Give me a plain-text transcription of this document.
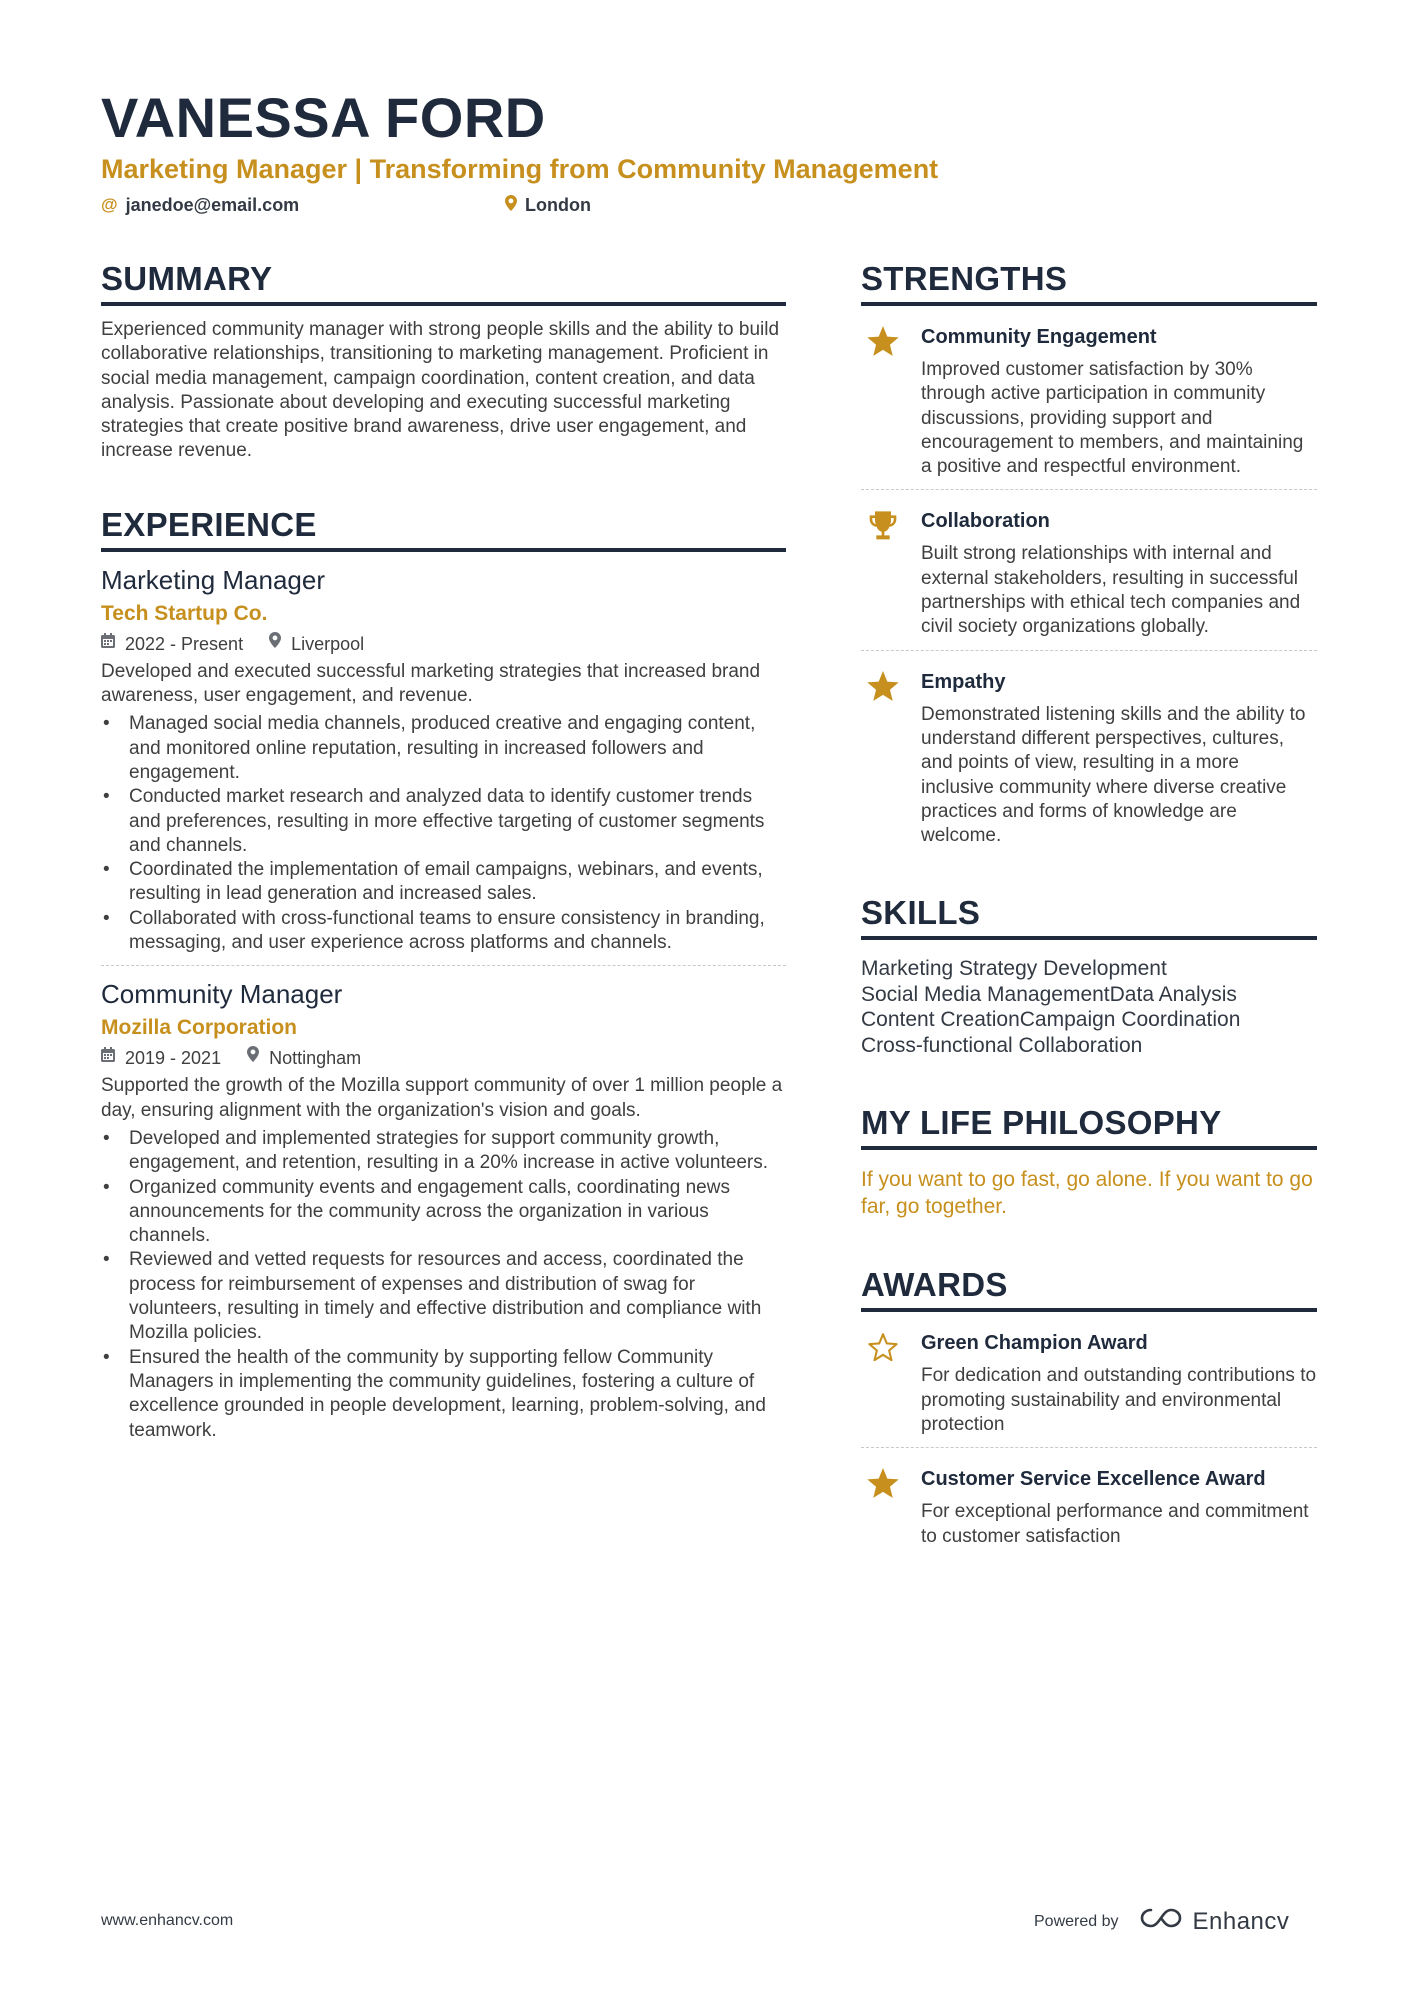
VANESSA FORD
Marketing Manager | Transforming from Community Management
@ janedoe@email.com	London
SUMMARY
Experienced community manager with strong people skills and the ability to build collaborative relationships, transitioning to marketing management. Proficient in social media management, campaign coordination, content creation, and data analysis. Passionate about developing and executing successful marketing strategies that create positive brand awareness, drive user engagement, and increase revenue.
EXPERIENCE
Marketing Manager
Tech Startup Co.
2022 - Present	Liverpool
Developed and executed successful marketing strategies that increased brand awareness, user engagement, and revenue.
• Managed social media channels, produced creative and engaging content, and monitored online reputation, resulting in increased followers and engagement.
• Conducted market research and analyzed data to identify customer trends and preferences, resulting in more effective targeting of customer segments and channels.
• Coordinated the implementation of email campaigns, webinars, and events, resulting in lead generation and increased sales.
• Collaborated with cross-functional teams to ensure consistency in branding, messaging, and user experience across platforms and channels.
Community Manager
Mozilla Corporation
2019 - 2021	Nottingham
Supported the growth of the Mozilla support community of over 1 million people a day, ensuring alignment with the organization's vision and goals.
• Developed and implemented strategies for support community growth, engagement, and retention, resulting in a 20% increase in active volunteers.
• Organized community events and engagement calls, coordinating news announcements for the community across the organization in various channels.
• Reviewed and vetted requests for resources and access, coordinated the process for reimbursement of expenses and distribution of swag for volunteers, resulting in timely and effective distribution and compliance with Mozilla policies.
• Ensured the health of the community by supporting fellow Community Managers in implementing the community guidelines, fostering a culture of excellence grounded in people development, learning, problem-solving, and teamwork.
STRENGTHS
Community Engagement
Improved customer satisfaction by 30% through active participation in community discussions, providing support and encouragement to members, and maintaining a positive and respectful environment.
Collaboration
Built strong relationships with internal and external stakeholders, resulting in successful partnerships with ethical tech companies and civil society organizations globally.
Empathy
Demonstrated listening skills and the ability to understand different perspectives, cultures, and points of view, resulting in a more inclusive community where diverse creative practices and forms of knowledge are welcome.
SKILLS
Marketing Strategy Development
Social Media ManagementData Analysis
Content CreationCampaign Coordination
Cross-functional Collaboration
MY LIFE PHILOSOPHY
If you want to go fast, go alone. If you want to go far, go together.
AWARDS
Green Champion Award
For dedication and outstanding contributions to promoting sustainability and environmental protection
Customer Service Excellence Award
For exceptional performance and commitment to customer satisfaction
www.enhancv.com	Powered by	Enhancv
